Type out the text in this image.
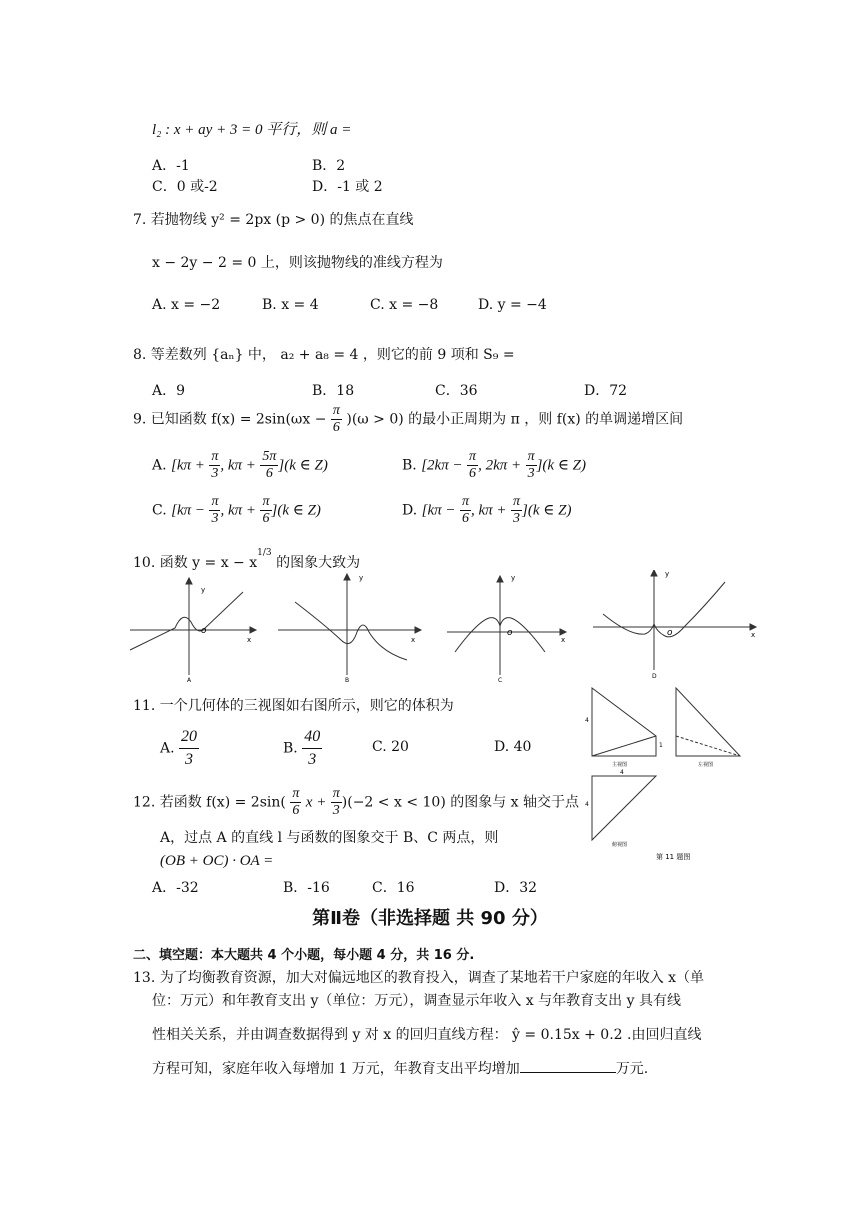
l₂ : x + ay + 3 = 0 平行，则 a =
A．-1	B．2
C．0 或-2	D．-1 或 2
7. 若抛物线 y² = 2px (p > 0) 的焦点在直线
x − 2y − 2 = 0 上，则该抛物线的准线方程为
A. x = −2	B. x = 4	C. x = −8	D. y = −4
8. 等差数列 {aₙ} 中， a₂ + a₈ = 4 ，则它的前 9 项和 S₉ =
A．9	B．18	C．36	D．72
9. 已知函数 $f(x) = 2\sin(\omega x - \frac{\pi}{6} )(\omega > 0)$ 的最小正周期为 π ，则 f(x) 的单调递增区间
A. [$k\pi + \frac{\pi}{3}$ , $k\pi + \frac{5\pi}{6} ](k$ ∈ Z)	B. [$2k\pi - \frac{\pi}{6}$ , $2k\pi + \frac{\pi}{3} ](k$ ∈ Z)
C. [$k\pi - \frac{\pi}{3}$ , $k\pi + \frac{\pi}{6} ](k$ ∈ Z)	D. [$k\pi - \frac{\pi}{6}$ , $k\pi + \frac{\pi}{3} ](k$ ∈ Z)
10. 函数 $y = x - x^{1/3}$ 的图象大致为
y
x
o
A
y
x
B
y
x
o
C
y
x
o
D
11. 一个几何体的三视图如右图所示，则它的体积为
A. $\frac{20}{3}$	B. $\frac{40}{3}$	C. 20	D. 40
4
1
主视图	左视图
4
4
俯视图
第 11 题图
12. 若函数 $f(x) = 2\sin( \frac{\pi}{6}$ $x + \frac{\pi}{3} )(-2 < x < 10)$ 的图象与 x 轴交于点
A，过点 A 的直线 l 与函数的图象交于 B、C 两点，则
(OB + OC) · OA =
A．-32	B．-16	C．16	D．32
第Ⅱ卷（非选择题 共 90 分）
二、填空题：本大题共 4 个小题，每小题 4 分，共 16 分.
13. 为了均衡教育资源，加大对偏远地区的教育投入，调查了某地若干户家庭的年收入 x（单
位：万元）和年教育支出 y（单位：万元），调查显示年收入 x 与年教育支出 y 具有线
性相关关系，并由调查数据得到 y 对 x 的回归直线方程： ŷ = 0.15x + 0.2 .由回归直线
方程可知，家庭年收入每增加 1 万元，年教育支出平均增加	万元.
